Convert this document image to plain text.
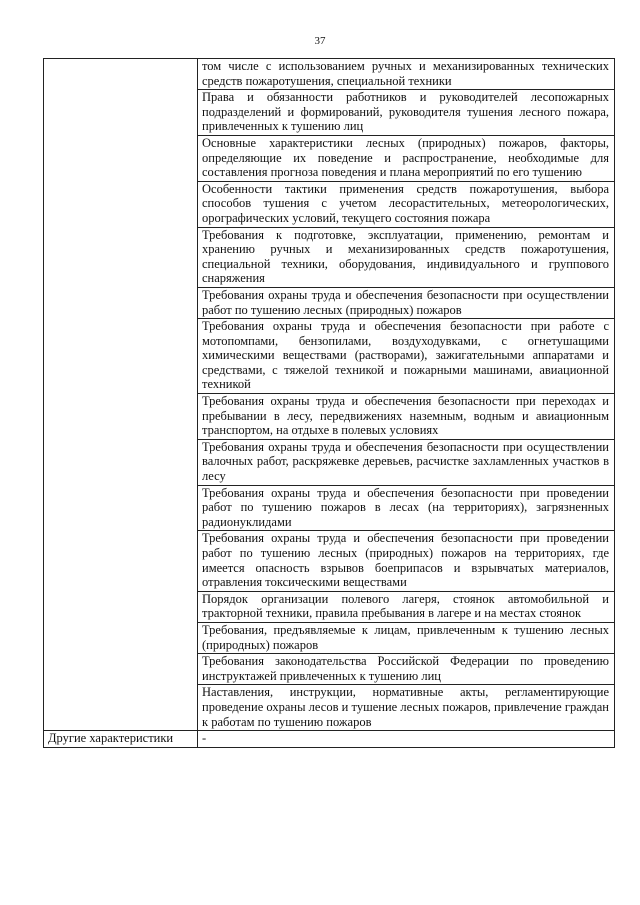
37
	том числе с использованием ручных и механизированных технических средств пожаротушения, специальной техники
	Права и обязанности работников и руководителей лесопожарных подразделений и формирований, руководителя тушения лесного пожара, привлеченных к тушению лиц
	Основные характеристики лесных (природных) пожаров, факторы, определяющие их поведение и распространение, необходимые для составления прогноза поведения и плана мероприятий по его тушению
	Особенности тактики применения средств пожаротушения, выбора способов тушения с учетом лесорастительных, метеорологических, орографических условий, текущего состояния пожара
	Требования к подготовке, эксплуатации, применению, ремонтам и хранению ручных и механизированных средств пожаротушения, специальной техники, оборудования, индивидуального и группового снаряжения
	Требования охраны труда и обеспечения безопасности при осуществлении работ по тушению лесных (природных) пожаров
	Требования охраны труда и обеспечения безопасности при работе с мотопомпами, бензопилами, воздуходувками, с огнетушащими химическими веществами (растворами), зажигательными аппаратами и средствами, с тяжелой техникой и пожарными машинами, авиационной техникой
	Требования охраны труда и обеспечения безопасности при переходах и пребывании в лесу, передвижениях наземным, водным и авиационным транспортом, на отдыхе в полевых условиях
	Требования охраны труда и обеспечения безопасности при осуществлении валочных работ, раскряжевке деревьев, расчистке захламленных участков в лесу
	Требования охраны труда и обеспечения безопасности при проведении работ по тушению пожаров в лесах (на территориях), загрязненных радионуклидами
	Требования охраны труда и обеспечения безопасности при проведении работ по тушению лесных (природных) пожаров на территориях, где имеется опасность взрывов боеприпасов и взрывчатых материалов, отравления токсическими веществами
	Порядок организации полевого лагеря, стоянок автомобильной и тракторной техники, правила пребывания в лагере и на местах стоянок
	Требования, предъявляемые к лицам, привлеченным к тушению лесных (природных) пожаров
	Требования законодательства Российской Федерации по проведению инструктажей привлеченных к тушению лиц
	Наставления, инструкции, нормативные акты, регламентирующие проведение охраны лесов и тушение лесных пожаров, привлечение граждан к работам по тушению пожаров
Другие характеристики	-
